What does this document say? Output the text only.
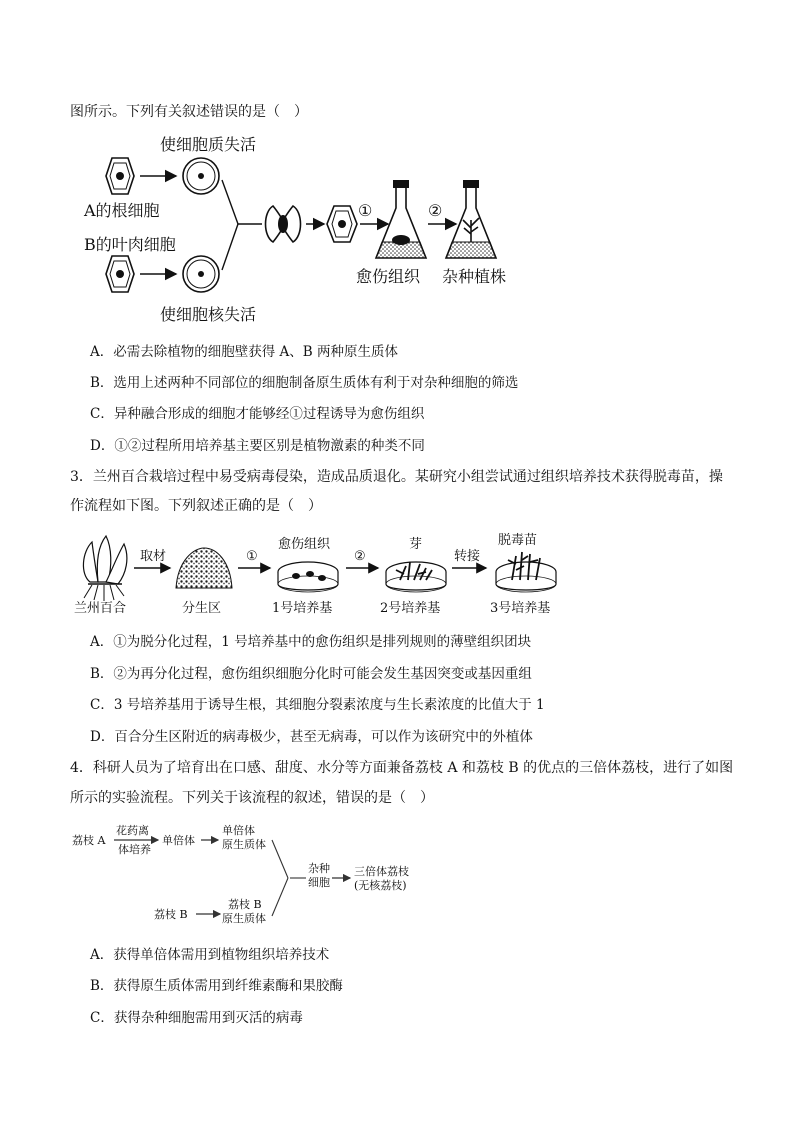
图所示。下列有关叙述错误的是（　）
使细胞质失活
A的根细胞
B的叶肉细胞
使细胞核失活
①	②
愈伤组织 杂种植株
A．必需去除植物的细胞壁获得 A、B 两种原生质体
B．选用上述两种不同部位的细胞制备原生质体有利于对杂种细胞的筛选
C．异种融合形成的细胞才能够经①过程诱导为愈伤组织
D．①②过程所用培养基主要区别是植物激素的种类不同
3．兰州百合栽培过程中易受病毒侵染，造成品质退化。某研究小组尝试通过组织培养技术获得脱毒苗，操
作流程如下图。下列叙述正确的是（　）
兰州百合
取材
分生区
①
愈伤组织
1号培养基
②
芽
2号培养基
转接
脱毒苗
3号培养基
A．①为脱分化过程，1 号培养基中的愈伤组织是排列规则的薄壁组织团块
B．②为再分化过程，愈伤组织细胞分化时可能会发生基因突变或基因重组
C．3 号培养基用于诱导生根，其细胞分裂素浓度与生长素浓度的比值大于 1
D．百合分生区附近的病毒极少，甚至无病毒，可以作为该研究中的外植体
4．科研人员为了培育出在口感、甜度、水分等方面兼备荔枝 A 和荔枝 B 的优点的三倍体荔枝，进行了如图
所示的实验流程。下列关于该流程的叙述，错误的是（　）
荔枝 A
花药离
体培养
单倍体
单倍体
原生质体
杂种
细胞
三倍体荔枝
(无核荔枝)
荔枝 B
荔枝 B
原生质体
A．获得单倍体需用到植物组织培养技术
B．获得原生质体需用到纤维素酶和果胶酶
C．获得杂种细胞需用到灭活的病毒
